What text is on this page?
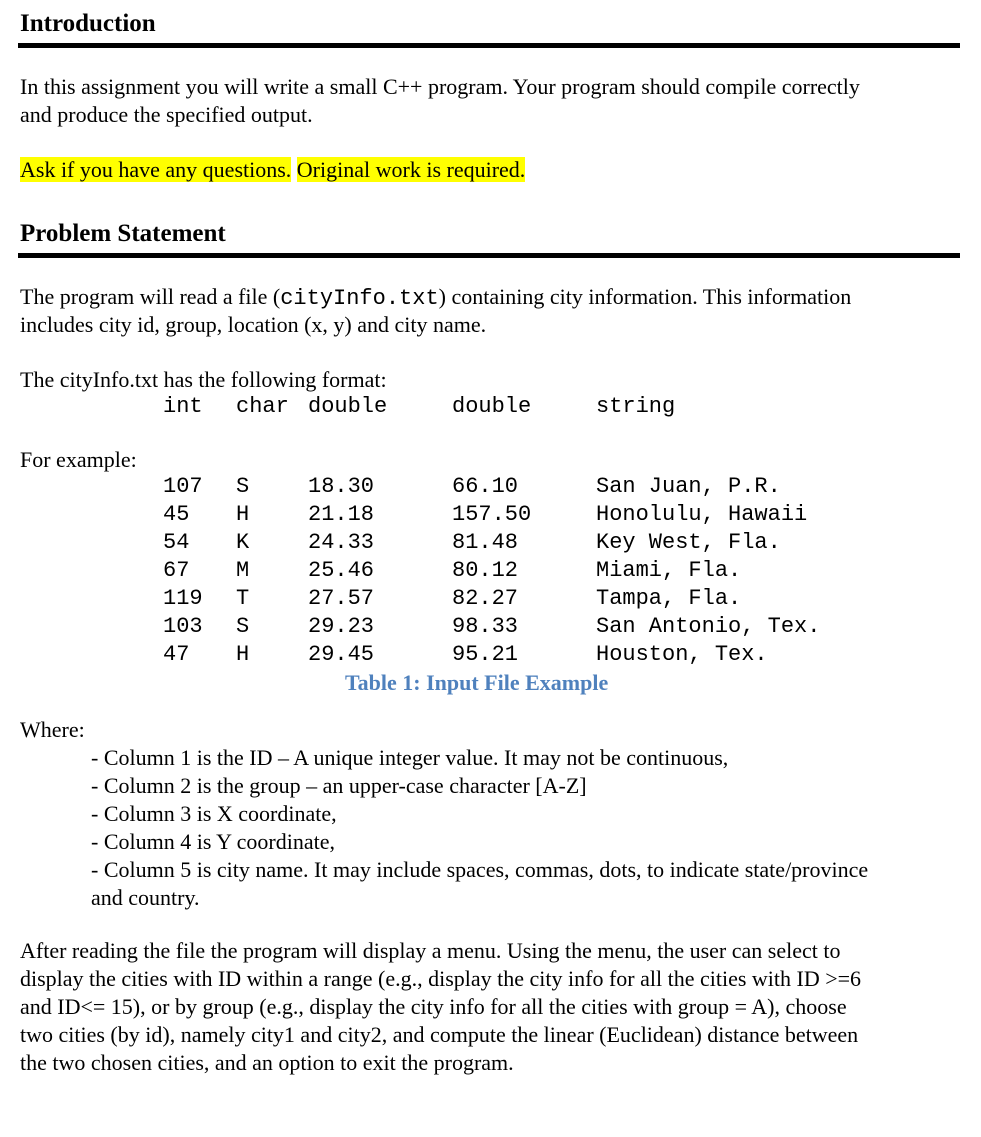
Introduction
In this assignment you will write a small C++ program. Your program should compile correctly
and produce the specified output.
Ask if you have any questions. Original work is required.
Problem Statement
The program will read a file (cityInfo.txt) containing city information. This information
includes city id, group, location (x, y) and city name.
The cityInfo.txt has the following format:
int char double	double	string
For example:
107 S	18.30	66.10	San Juan, P.R.
45 H	21.18	157.50	Honolulu, Hawaii
54 K	24.33	81.48	Key West, Fla.
67 M	25.46	80.12	Miami, Fla.
119 T	27.57	82.27	Tampa, Fla.
103 S	29.23	98.33	San Antonio, Tex.
47 H	29.45	95.21	Houston, Tex.
Table 1: Input File Example
Where:
- Column 1 is the ID – A unique integer value. It may not be continuous,
- Column 2 is the group – an upper-case character [A-Z]
- Column 3 is X coordinate,
- Column 4 is Y coordinate,
- Column 5 is city name. It may include spaces, commas, dots, to indicate state/province
and country.
After reading the file the program will display a menu. Using the menu, the user can select to
display the cities with ID within a range (e.g., display the city info for all the cities with ID >=6
and ID<= 15), or by group (e.g., display the city info for all the cities with group = A), choose
two cities (by id), namely city1 and city2, and compute the linear (Euclidean) distance between
the two chosen cities, and an option to exit the program.
